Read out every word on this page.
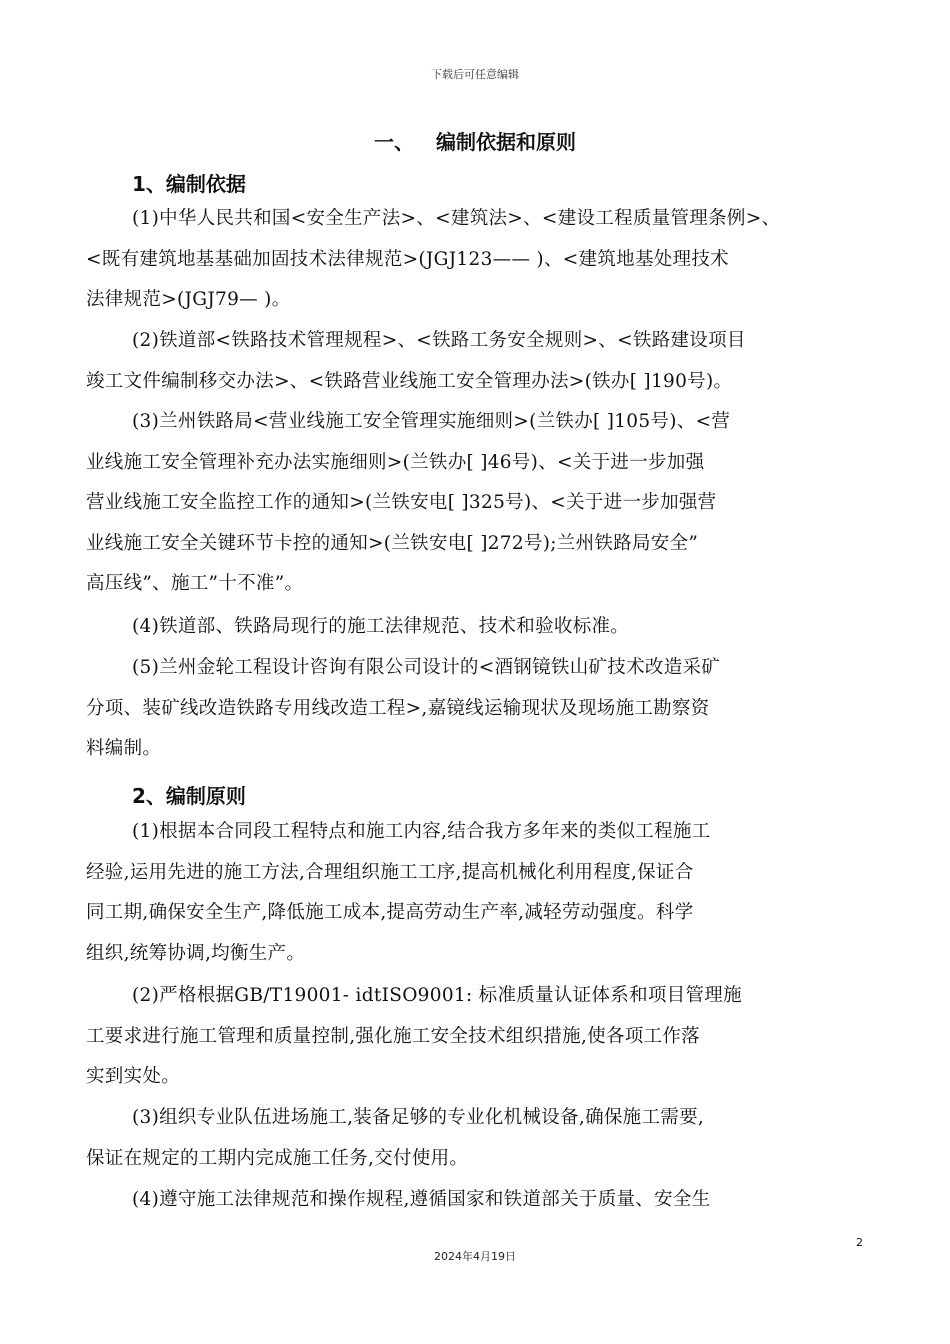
下载后可任意编辑
一、 编制依据和原则
1、编制依据

(1)中华人民共和国<安全生产法>、<建筑法>、<建设工程质量管理条例>、
<既有建筑地基基础加固技术法律规范>(JGJ123—— )、<建筑地基处理技术
法律规范>(JGJ79— )。

(2)铁道部<铁路技术管理规程>、<铁路工务安全规则>、<铁路建设项目
竣工文件编制移交办法>、<铁路营业线施工安全管理办法>(铁办[ ]190号)。

(3)兰州铁路局<营业线施工安全管理实施细则>(兰铁办[ ]105号)、<营
业线施工安全管理补充办法实施细则>(兰铁办[ ]46号)、<关于进一步加强
营业线施工安全监控工作的通知>(兰铁安电[ ]325号)、<关于进一步加强营
业线施工安全关键环节卡控的通知>(兰铁安电[ ]272号);兰州铁路局安全”
高压线”、施工”十不准”。

(4)铁道部、铁路局现行的施工法律规范、技术和验收标准。

(5)兰州金轮工程设计咨询有限公司设计的<酒钢镜铁山矿技术改造采矿
分项、装矿线改造铁路专用线改造工程>,嘉镜线运输现状及现场施工勘察资
料编制。

2、编制原则

(1)根据本合同段工程特点和施工内容,结合我方多年来的类似工程施工
经验,运用先进的施工方法,合理组织施工工序,提高机械化利用程度,保证合
同工期,确保安全生产,降低施工成本,提高劳动生产率,减轻劳动强度。科学
组织,统筹协调,均衡生产。

(2)严格根据GB/T19001- idtISO9001: 标准质量认证体系和项目管理施
工要求进行施工管理和质量控制,强化施工安全技术组织措施,使各项工作落
实到实处。

(3)组织专业队伍进场施工,装备足够的专业化机械设备,确保施工需要,
保证在规定的工期内完成施工任务,交付使用。

(4)遵守施工法律规范和操作规程,遵循国家和铁道部关于质量、安全生

2
2024年4月19日
